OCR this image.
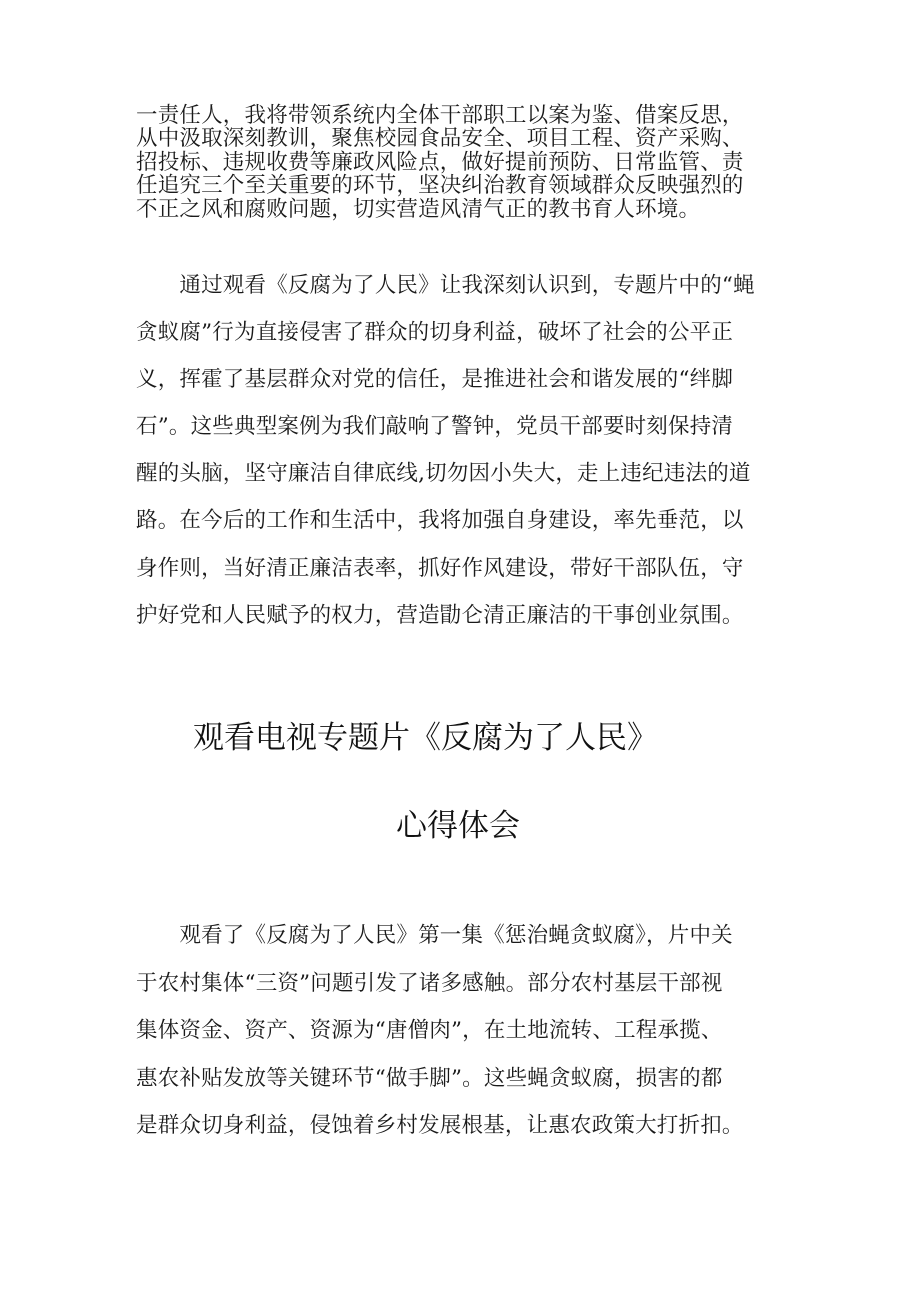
一责任人，我将带领系统内全体干部职工以案为鉴、借案反思，
从中汲取深刻教训，聚焦校园食品安全、项目工程、资产采购、
招投标、违规收费等廉政风险点，做好提前预防、日常监管、责
任追究三个至关重要的环节，坚决纠治教育领域群众反映强烈的
不正之风和腐败问题，切实营造风清气正的教书育人环境。
　　通过观看《反腐为了人民》让我深刻认识到，专题片中的“蝇
贪蚁腐”行为直接侵害了群众的切身利益，破坏了社会的公平正
义，挥霍了基层群众对党的信任，是推进社会和谐发展的“绊脚
石”。这些典型案例为我们敲响了警钟，党员干部要时刻保持清
醒的头脑，坚守廉洁自律底线,切勿因小失大，走上违纪违法的道
路。在今后的工作和生活中，我将加强自身建设，率先垂范，以
身作则，当好清正廉洁表率，抓好作风建设，带好干部队伍，守
护好党和人民赋予的权力，营造勖仑清正廉洁的干事创业氛围。
观看电视专题片《反腐为了人民》
心得体会
　　观看了《反腐为了人民》第一集《惩治蝇贪蚁腐》，片中关
于农村集体“三资”问题引发了诸多感触。部分农村基层干部视
集体资金、资产、资源为“唐僧肉”，在土地流转、工程承揽、
惠农补贴发放等关键环节“做手脚”。这些蝇贪蚁腐，损害的都
是群众切身利益，侵蚀着乡村发展根基，让惠农政策大打折扣。
